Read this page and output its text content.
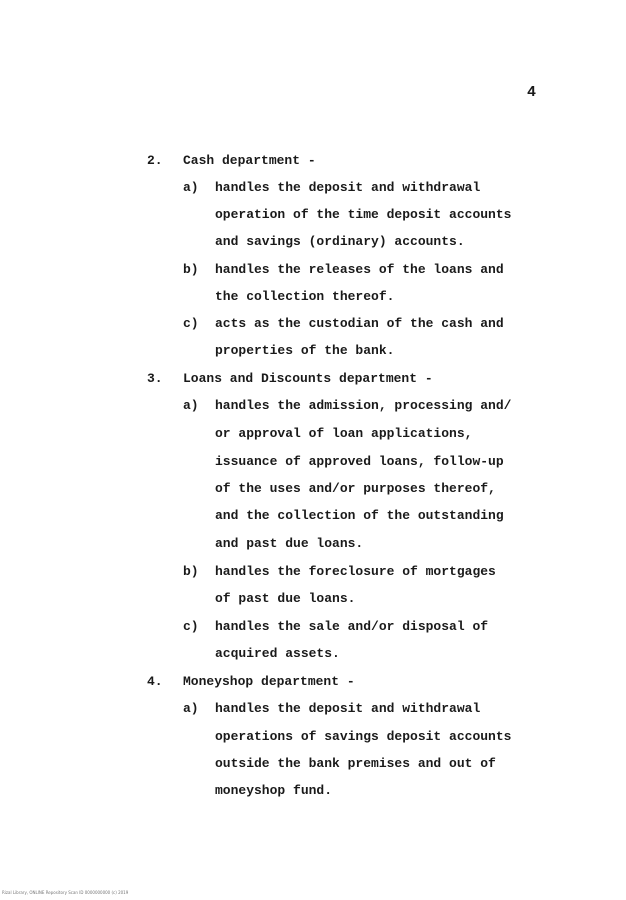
4
2. Cash department -
a) handles the deposit and withdrawal
operation of the time deposit accounts
and savings (ordinary) accounts.
b) handles the releases of the loans and
the collection thereof.
c) acts as the custodian of the cash and
properties of the bank.
3. Loans and Discounts department -
a) handles the admission, processing and/
or approval of loan applications,
issuance of approved loans, follow-up
of the uses and/or purposes thereof,
and the collection of the outstanding
and past due loans.
b) handles the foreclosure of mortgages
of past due loans.
c) handles the sale and/or disposal of
acquired assets.
4. Moneyshop department -
a) handles the deposit and withdrawal
operations of savings deposit accounts
outside the bank premises and out of
moneyshop fund.
Rizal Library, ONLINE Repository Scan ID 0000000000 (c) 2019
